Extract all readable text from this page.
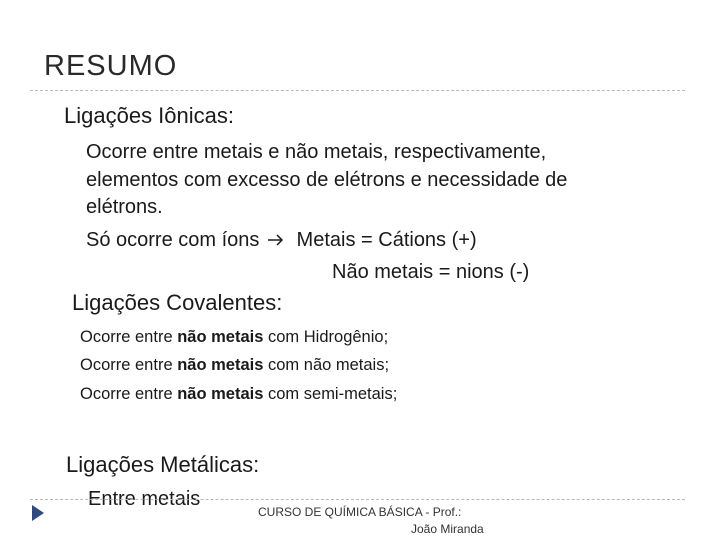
RESUMO
Ligações Iônicas:
Ocorre entre metais e não metais, respectivamente,
elementos com excesso de elétrons e necessidade de
elétrons.
Só ocorre com íons Metais = Cátions (+)
Não metais = nions (-)
Ligações Covalentes:
Ocorre entre não metais com Hidrogênio;
Ocorre entre não metais com não metais;
Ocorre entre não metais com semi-metais;
Ligações Metálicas:
Entre metais
CURSO DE QUÍMICA BÁSICA - Prof.:
João Miranda
